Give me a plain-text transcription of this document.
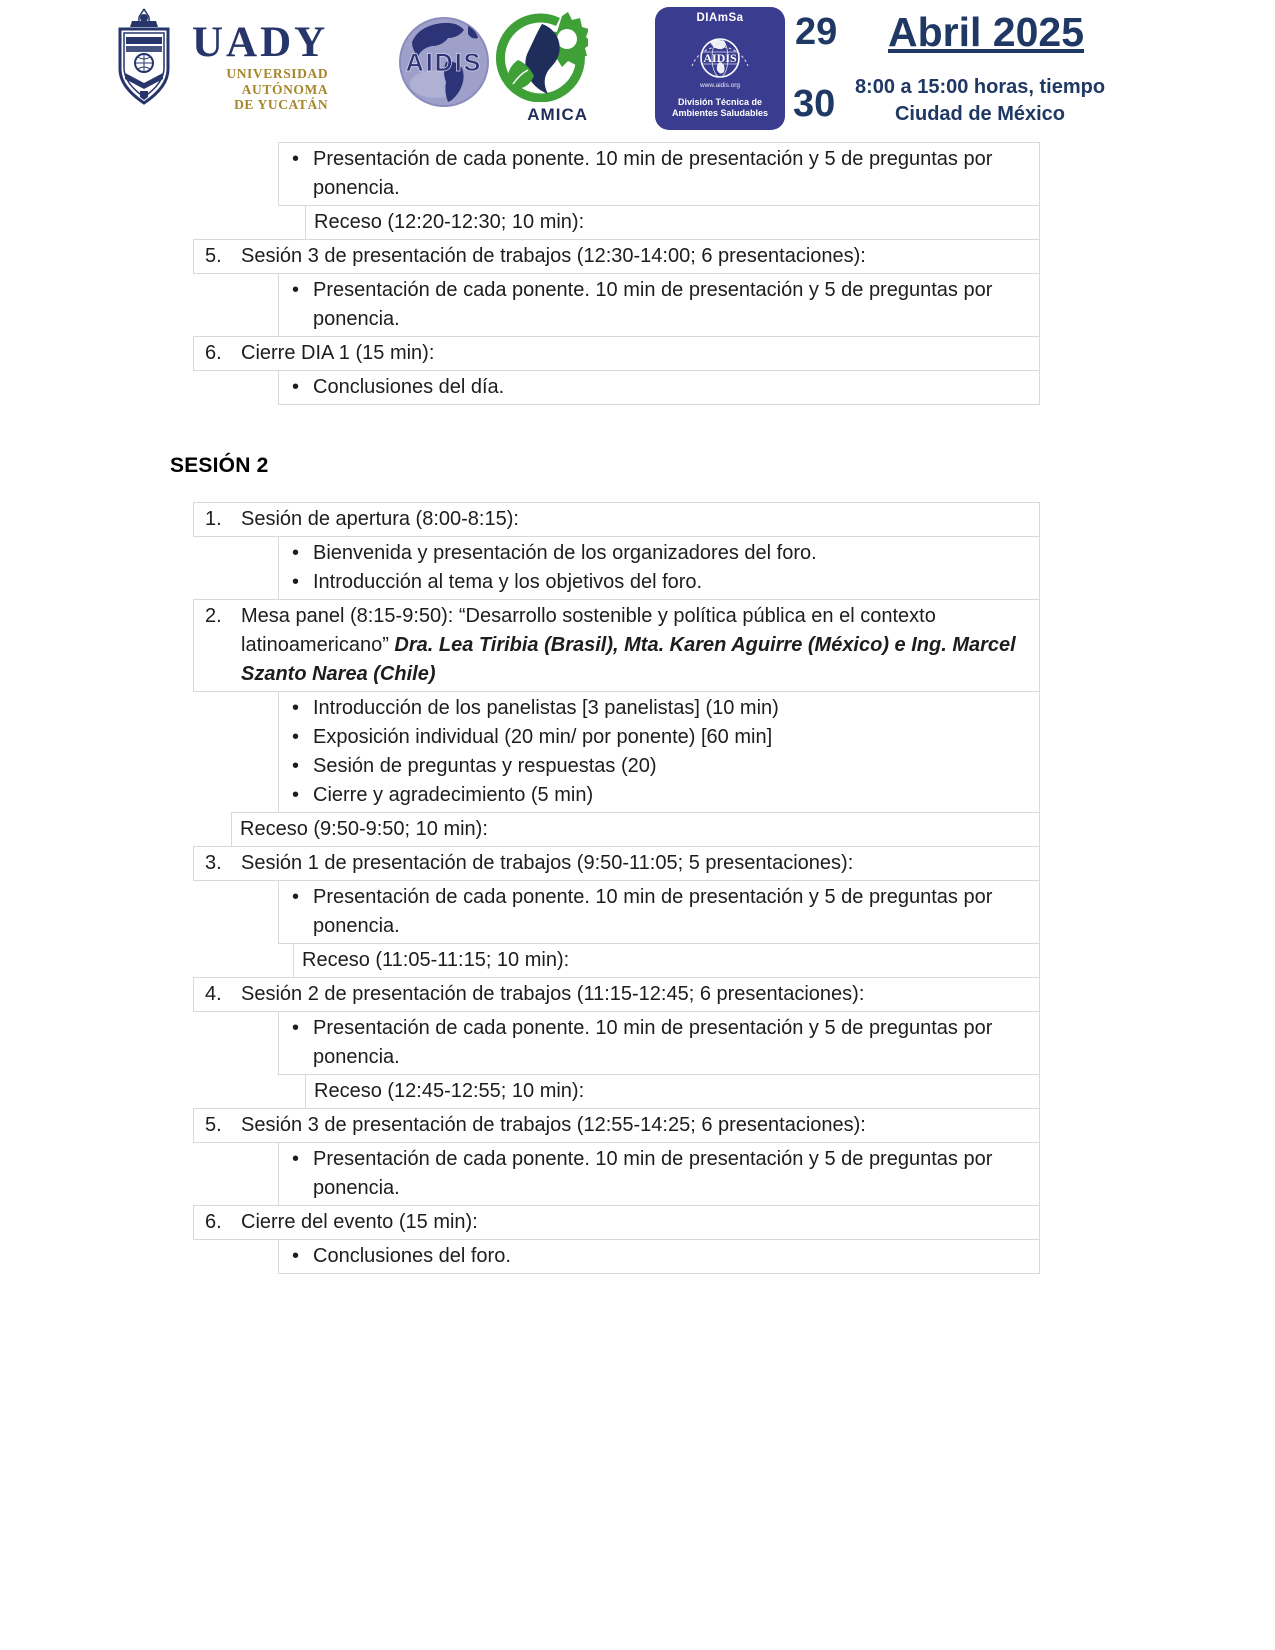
UADY
UNIVERSIDAD
AUTÓNOMA
DE YUCATÁN
AIDIS
AMICA
DIAmSa
AIDIS
www.aidis.org
División Técnica de
Ambientes Saludables
29
30
Abril 2025
8:00 a 15:00 horas, tiempo
Ciudad de México
•
Presentación de cada ponente. 10 min de presentación y 5 de preguntas por ponencia.
Receso (12:20-12:30; 10 min):
5. Sesión 3 de presentación de trabajos (12:30-14:00; 6 presentaciones):
•
Presentación de cada ponente. 10 min de presentación y 5 de preguntas por ponencia.
6. Cierre DIA 1 (15 min):
•
Conclusiones del día.
SESIÓN 2
1. Sesión de apertura (8:00-8:15):
•
Bienvenida y presentación de los organizadores del foro.
•
Introducción al tema y los objetivos del foro.
2. Mesa panel (8:15-9:50): “Desarrollo sostenible y política pública en el contexto latinoamericano” Dra. Lea Tiribia (Brasil), Mta. Karen Aguirre (México) e Ing. Marcel Szanto Narea (Chile)
•
Introducción de los panelistas [3 panelistas] (10 min)
•
Exposición individual (20 min/ por ponente) [60 min]
•
Sesión de preguntas y respuestas (20)
•
Cierre y agradecimiento (5 min)
Receso (9:50-9:50; 10 min):
3. Sesión 1 de presentación de trabajos (9:50-11:05; 5 presentaciones):
•
Presentación de cada ponente. 10 min de presentación y 5 de preguntas por ponencia.
Receso (11:05-11:15; 10 min):
4. Sesión 2 de presentación de trabajos (11:15-12:45; 6 presentaciones):
•
Presentación de cada ponente. 10 min de presentación y 5 de preguntas por ponencia.
Receso (12:45-12:55; 10 min):
5. Sesión 3 de presentación de trabajos (12:55-14:25; 6 presentaciones):
•
Presentación de cada ponente. 10 min de presentación y 5 de preguntas por ponencia.
6. Cierre del evento (15 min):
•
Conclusiones del foro.
